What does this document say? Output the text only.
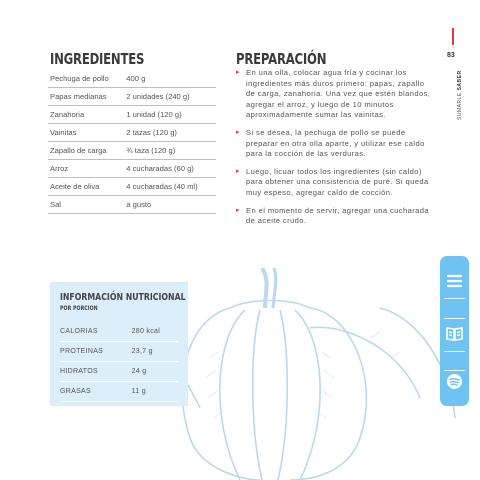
INGREDIENTES
Pechuga de pollo	400 g
Papas medianas	2 unidades (240 g)
Zanahoria	1 unidad (120 g)
Vainitas	2 tazas (120 g)
Zapallo de carga	¾ taza (120 g)
Arroz	4 cucharadas (60 g)
Aceite de oliva	4 cucharadas (40 ml)
Sal	a gusto
PREPARACIÓN
▸ En una olla, colocar agua fría y cocinar los ingredientes más duros primero: papas, zapallo de carga, zanahoria. Una vez que estén blandos, agregar el arroz, y luego de 10 minutos aproximadamente sumar las vainitas.
▸ Si se desea, la pechuga de pollo se puede preparar en otra olla aparte, y utilizar ese caldo para la cocción de las verduras.
▸ Luego, licuar todos los ingredientes (sin caldo) para obtener una consistencia de puré. Si queda muy espeso, agregar caldo de cocción.
▸ En el momento de servir, agregar una cucharada de aceite crudo.
83
SUMARLE SABER
INFORMACIÓN NUTRICIONAL
POR PORCIÓN
CALORIAS	280 kcal
PROTEINAS	23,7 g
HIDRATOS	24 g
GRASAS	11 g
